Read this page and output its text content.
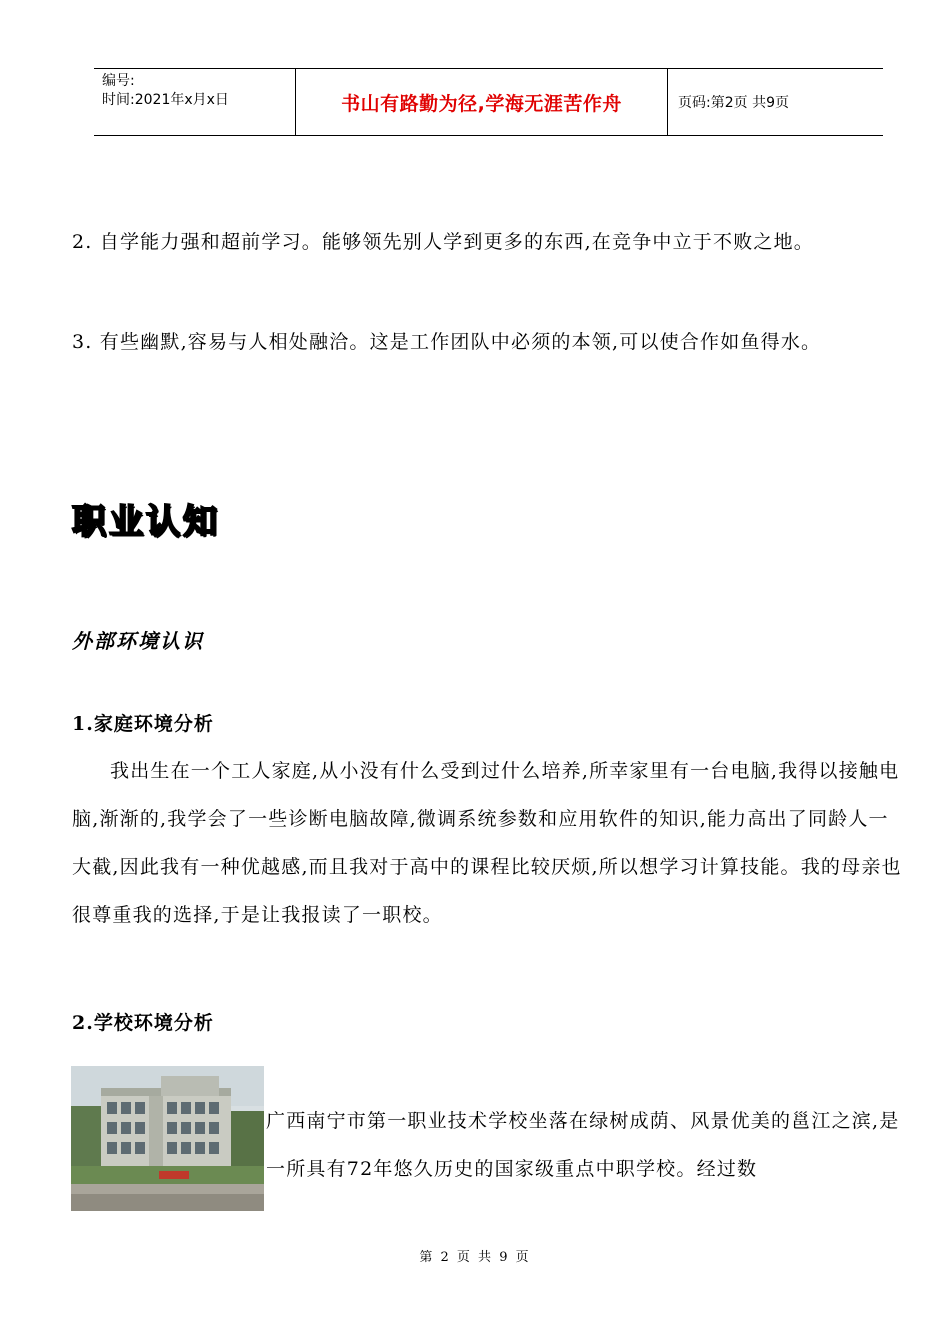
编号:
时间:2021年x月x日	书山有路勤为径,学海无涯苦作舟	页码:第2页 共9页

2. 自学能力强和超前学习。能够领先别人学到更多的东西,在竞争中立于不败之地。

3. 有些幽默,容易与人相处融洽。这是工作团队中必须的本领,可以使合作如鱼得水。

职业认知
外部环境认识
1.家庭环境分析

我出生在一个工人家庭,从小没有什么受到过什么培养,所幸家里有一台电脑,我得以接触电脑,渐渐的,我学会了一些诊断电脑故障,微调系统参数和应用软件的知识,能力高出了同龄人一大截,因此我有一种优越感,而且我对于高中的课程比较厌烦,所以想学习计算技能。我的母亲也很尊重我的选择,于是让我报读了一职校。

2.学校环境分析

广西南宁市第一职业技术学校坐落在绿树成荫、风景优美的邕江之滨,是一所具有72年悠久历史的国家级重点中职学校。经过数

第 2 页 共 9 页
